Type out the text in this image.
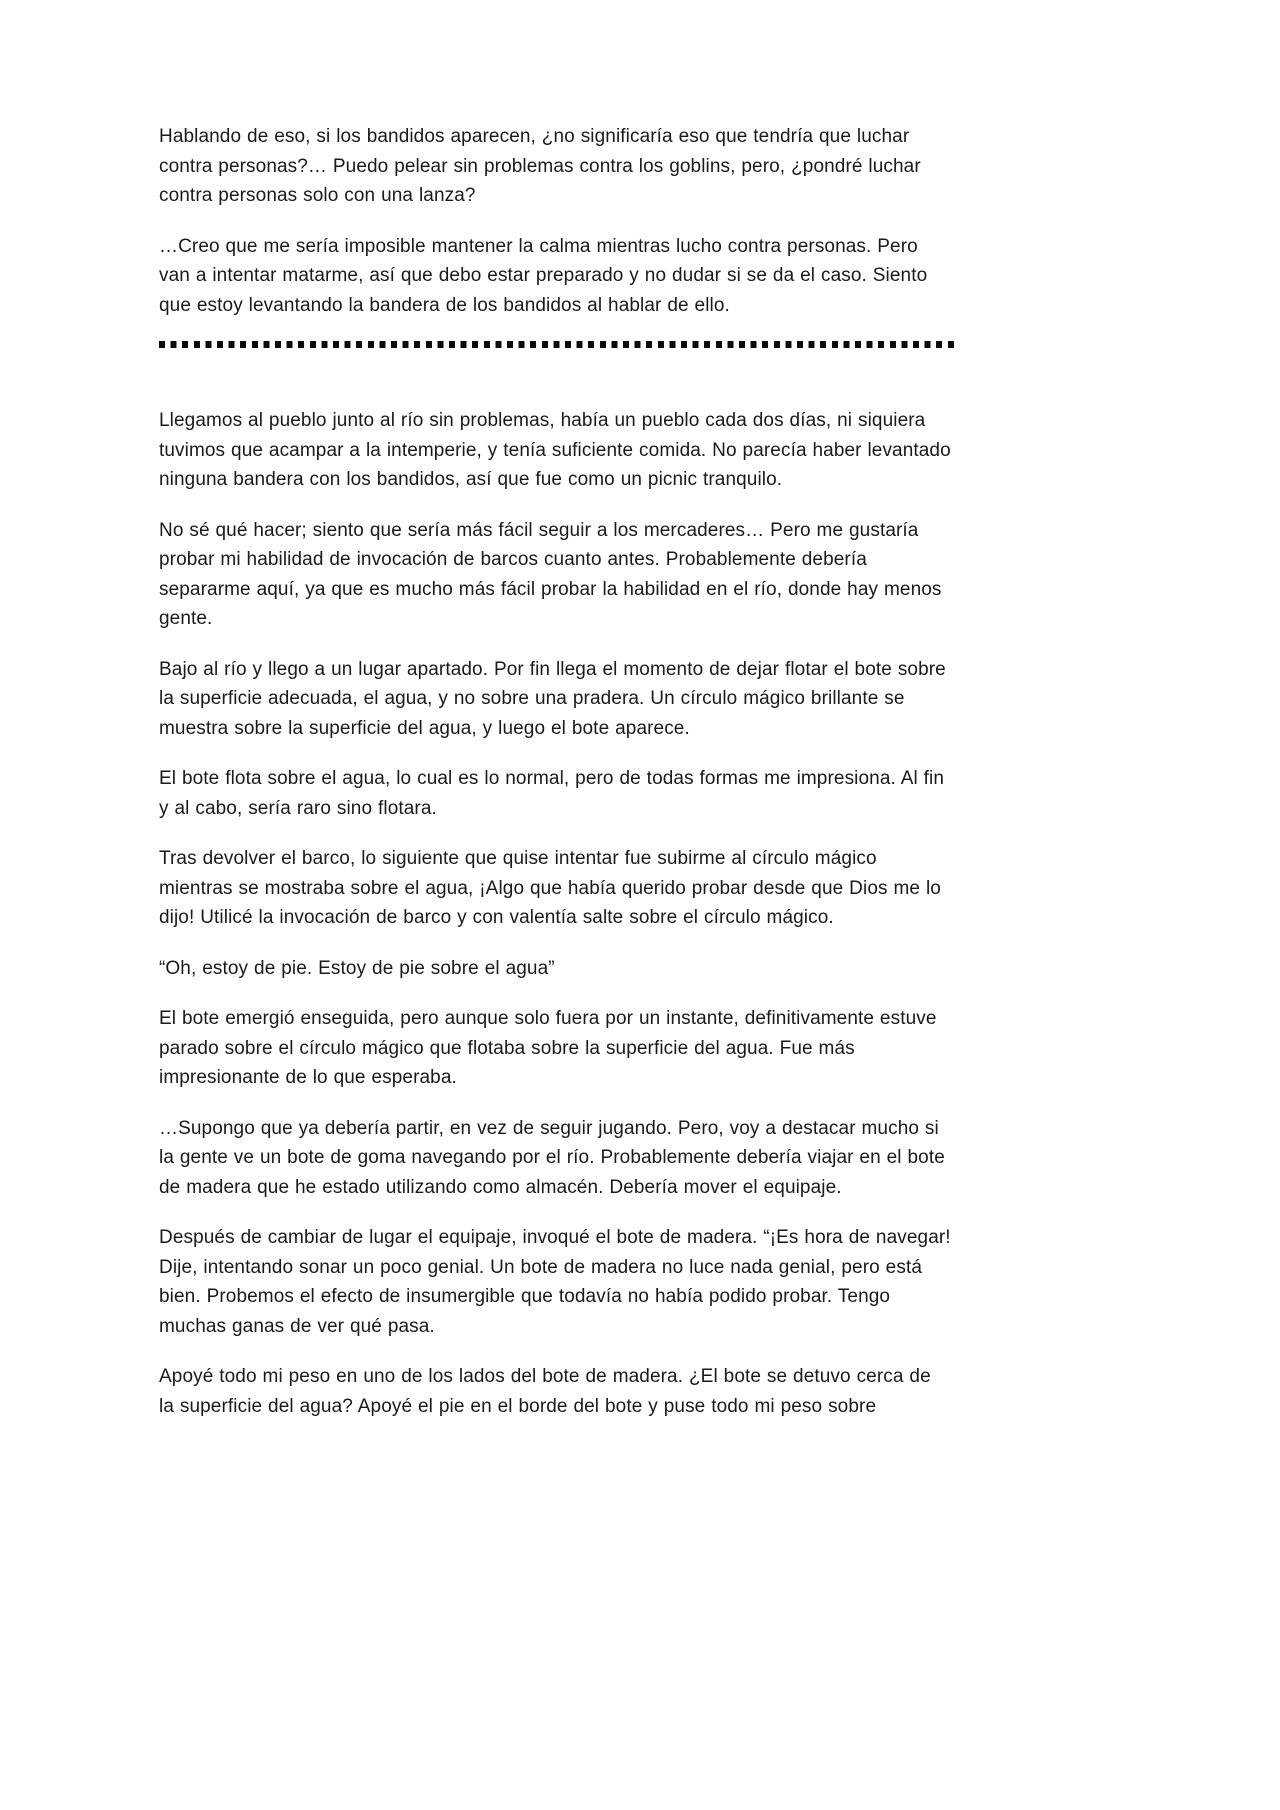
Hablando de eso, si los bandidos aparecen, ¿no significaría eso que tendría que luchar contra personas?… Puedo pelear sin problemas contra los goblins, pero, ¿pondré luchar contra personas solo con una lanza?

…Creo que me sería imposible mantener la calma mientras lucho contra personas. Pero van a intentar matarme, así que debo estar preparado y no dudar si se da el caso. Siento que estoy levantando la bandera de los bandidos al hablar de ello.

Llegamos al pueblo junto al río sin problemas, había un pueblo cada dos días, ni siquiera tuvimos que acampar a la intemperie, y tenía suficiente comida. No parecía haber levantado ninguna bandera con los bandidos, así que fue como un picnic tranquilo.

No sé qué hacer; siento que sería más fácil seguir a los mercaderes… Pero me gustaría probar mi habilidad de invocación de barcos cuanto antes. Probablemente debería separarme aquí, ya que es mucho más fácil probar la habilidad en el río, donde hay menos gente.

Bajo al río y llego a un lugar apartado. Por fin llega el momento de dejar flotar el bote sobre la superficie adecuada, el agua, y no sobre una pradera. Un círculo mágico brillante se muestra sobre la superficie del agua, y luego el bote aparece.

El bote flota sobre el agua, lo cual es lo normal, pero de todas formas me impresiona. Al fin y al cabo, sería raro sino flotara.

Tras devolver el barco, lo siguiente que quise intentar fue subirme al círculo mágico mientras se mostraba sobre el agua, ¡Algo que había querido probar desde que Dios me lo dijo! Utilicé la invocación de barco y con valentía salte sobre el círculo mágico.

“Oh, estoy de pie. Estoy de pie sobre el agua”

El bote emergió enseguida, pero aunque solo fuera por un instante, definitivamente estuve parado sobre el círculo mágico que flotaba sobre la superficie del agua. Fue más impresionante de lo que esperaba.

…Supongo que ya debería partir, en vez de seguir jugando. Pero, voy a destacar mucho si la gente ve un bote de goma navegando por el río. Probablemente debería viajar en el bote de madera que he estado utilizando como almacén. Debería mover el equipaje.

Después de cambiar de lugar el equipaje, invoqué el bote de madera. “¡Es hora de navegar! Dije, intentando sonar un poco genial. Un bote de madera no luce nada genial, pero está bien. Probemos el efecto de insumergible que todavía no había podido probar. Tengo muchas ganas de ver qué pasa.

Apoyé todo mi peso en uno de los lados del bote de madera. ¿El bote se detuvo cerca de la superficie del agua? Apoyé el pie en el borde del bote y puse todo mi peso sobre
